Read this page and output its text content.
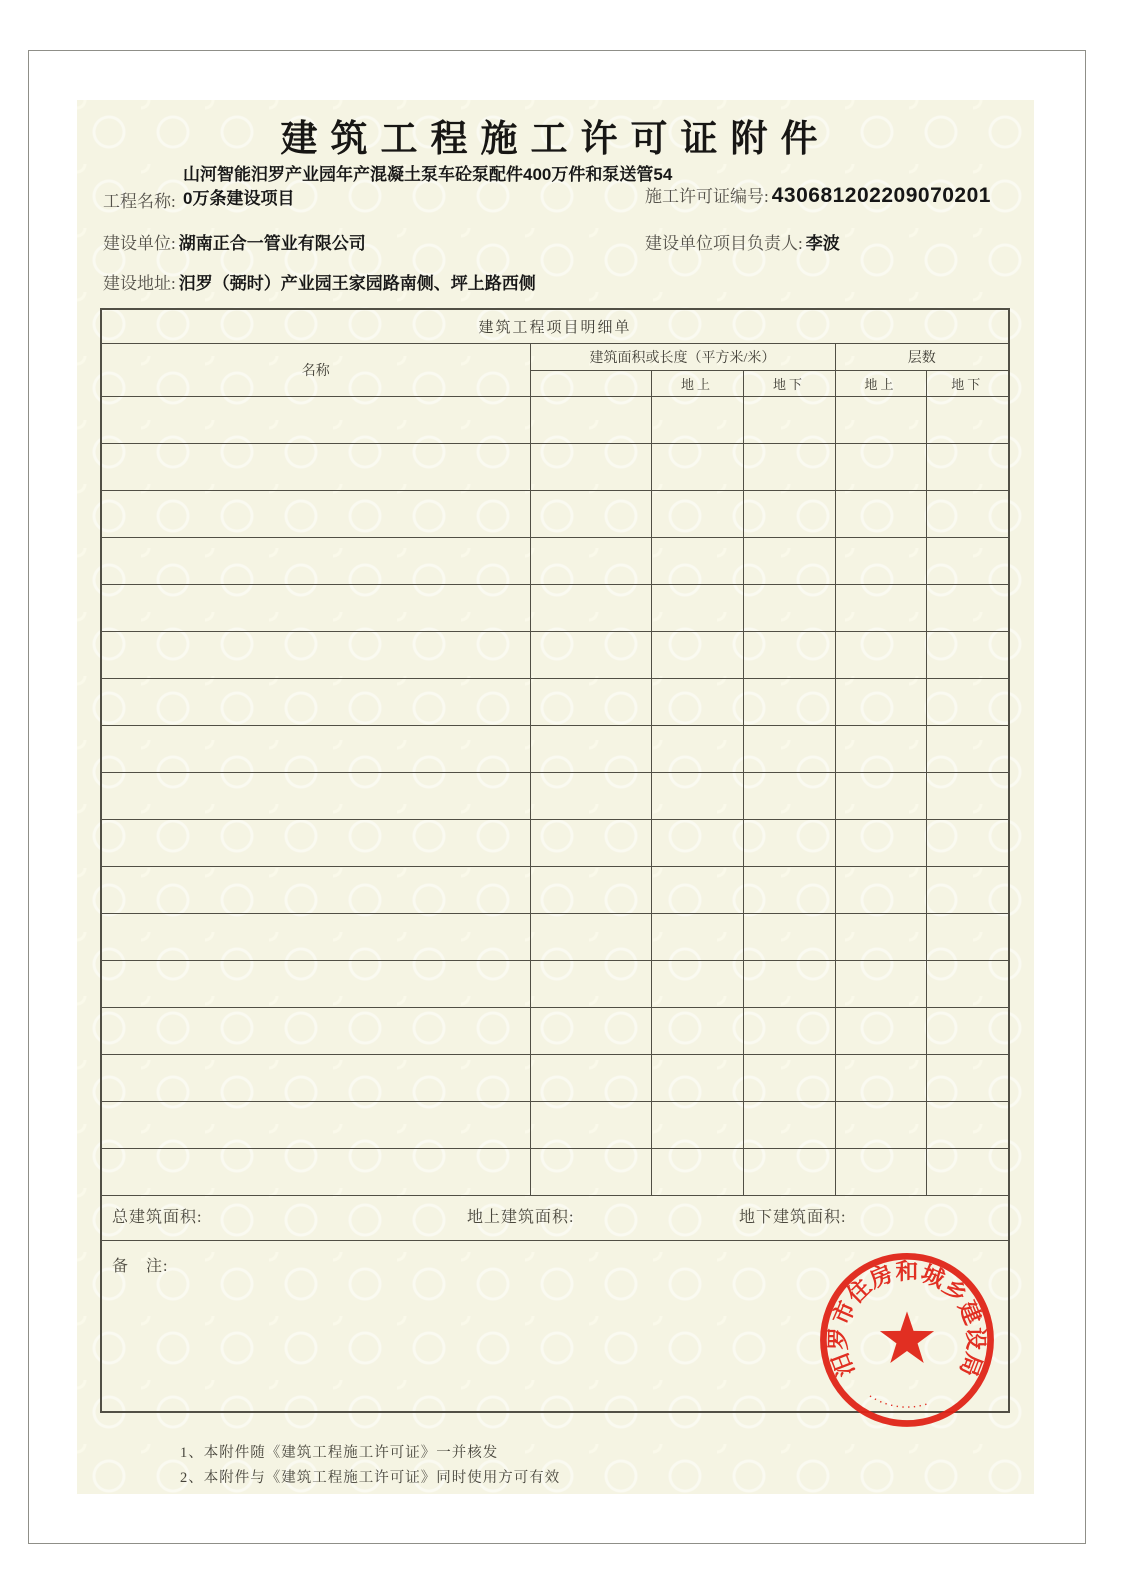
建筑工程施工许可证附件
工程名称:
山河智能汨罗产业园年产混凝土泵车砼泵配件400万件和泵送管54
0万条建设项目	施工许可证编号: 430681202209070201
建设单位: 湖南正合一管业有限公司	建设单位项目负责人: 李波
建设地址: 汨罗（弼时）产业园王家园路南侧、坪上路西侧
建筑工程项目明细单					
名称	建筑面积或长度（平方米/米）			层数	
		地上	地下	地上	地下

总建筑面积: 地上建筑面积: 地下建筑面积:					

备　注:					
汨罗市住房和城乡建设局
···········
1、本附件随《建筑工程施工许可证》一并核发
2、本附件与《建筑工程施工许可证》同时使用方可有效
